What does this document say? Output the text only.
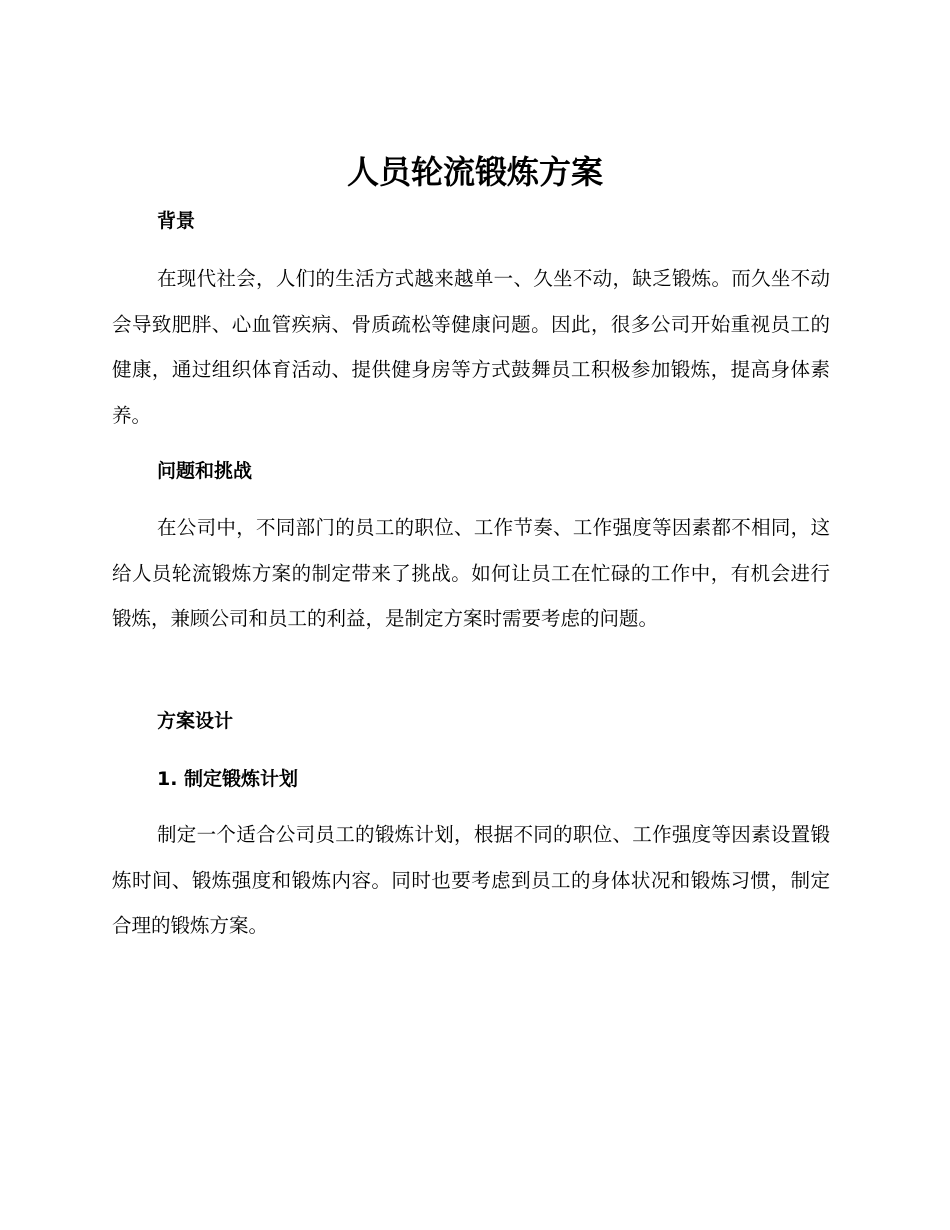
人员轮流锻炼方案
背景

在现代社会，人们的生活方式越来越单一、久坐不动，缺乏锻炼。而久坐不动会导致肥胖、心血管疾病、骨质疏松等健康问题。因此，很多公司开始重视员工的健康，通过组织体育活动、提供健身房等方式鼓舞员工积极参加锻炼，提高身体素养。

问题和挑战

在公司中，不同部门的员工的职位、工作节奏、工作强度等因素都不相同，这给人员轮流锻炼方案的制定带来了挑战。如何让员工在忙碌的工作中，有机会进行锻炼，兼顾公司和员工的利益，是制定方案时需要考虑的问题。

方案设计
1. 制定锻炼计划

制定一个适合公司员工的锻炼计划，根据不同的职位、工作强度等因素设置锻炼时间、锻炼强度和锻炼内容。同时也要考虑到员工的身体状况和锻炼习惯，制定合理的锻炼方案。
